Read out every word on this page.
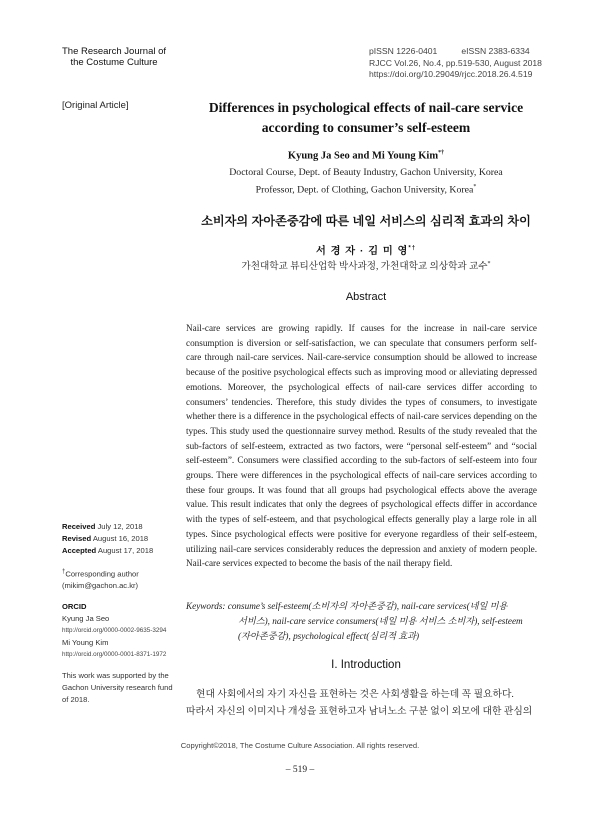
The Research Journal of
the Costume Culture
pISSN 1226-0401	eISSN 2383-6334
RJCC Vol.26, No.4, pp.519-530, August 2018
https://doi.org/10.29049/rjcc.2018.26.4.519
[Original Article]	Differences in psychological effects of nail-care service
according to consumer’s self-esteem
Kyung Ja Seo and Mi Young Kim*†
Doctoral Course, Dept. of Beauty Industry, Gachon University, Korea
Professor, Dept. of Clothing, Gachon University, Korea*
소비자의 자아존중감에 따른 네일 서비스의 심리적 효과의 차이
서 경 자 · 김 미 영*†
가천대학교 뷰티산업학 박사과정, 가천대학교 의상학과 교수*
Abstract
Nail-care services are growing rapidly. If causes for the increase in nail-care service consumption is diversion or self-satisfaction, we can speculate that consumers perform self-care through nail-care services. Nail-care-service consumption should be allowed to increase because of the positive psychological effects such as improving mood or alleviating depressed emotions. Moreover, the psychological effects of nail-care services differ according to consumers’ tendencies. Therefore, this study divides the types of consumers, to investigate whether there is a difference in the psychological effects of nail-care services depending on the types. This study used the questionnaire survey method. Results of the study revealed that the sub-factors of self-esteem, extracted as two factors, were “personal self-esteem” and “social self-esteem”. Consumers were classified according to the sub-factors of self-esteem into four groups. There were differences in the psychological effects of nail-care services according to these four groups. It was found that all groups had psychological effects above the average value. This result indicates that only the degrees of psychological effects differ in accordance with the types of self-esteem, and that psychological effects generally play a large role in all types. Since psychological effects were positive for everyone regardless of their self-esteem, utilizing nail-care services considerably reduces the depression and anxiety of modern people. Nail-care services expected to become the basis of the nail therapy field.
Keywords: consume’s self-esteem(소비자의 자아존중감), nail-care services(네일 미용
서비스), nail-care service consumers(네일 미용 서비스 소비자), self-esteem
(자아존중감), psychological effect(심리적 효과)
I. Introduction
현대 사회에서의 자기 자신을 표현하는 것은 사회생활을 하는데 꼭 필요하다.
따라서 자신의 이미지나 개성을 표현하고자 남녀노소 구분 없이 외모에 대한 관심의
Received July 12, 2018
Revised August 16, 2018
Accepted August 17, 2018
†Corresponding author
(mikim@gachon.ac.kr)
ORCID
Kyung Ja Seo
http://orcid.org/0000-0002-9635-3294
Mi Young Kim
http://orcid.org/0000-0001-8371-1972
This work was supported by the Gachon University research fund of 2018.
Copyright©2018, The Costume Culture Association. All rights reserved.
– 519 –
